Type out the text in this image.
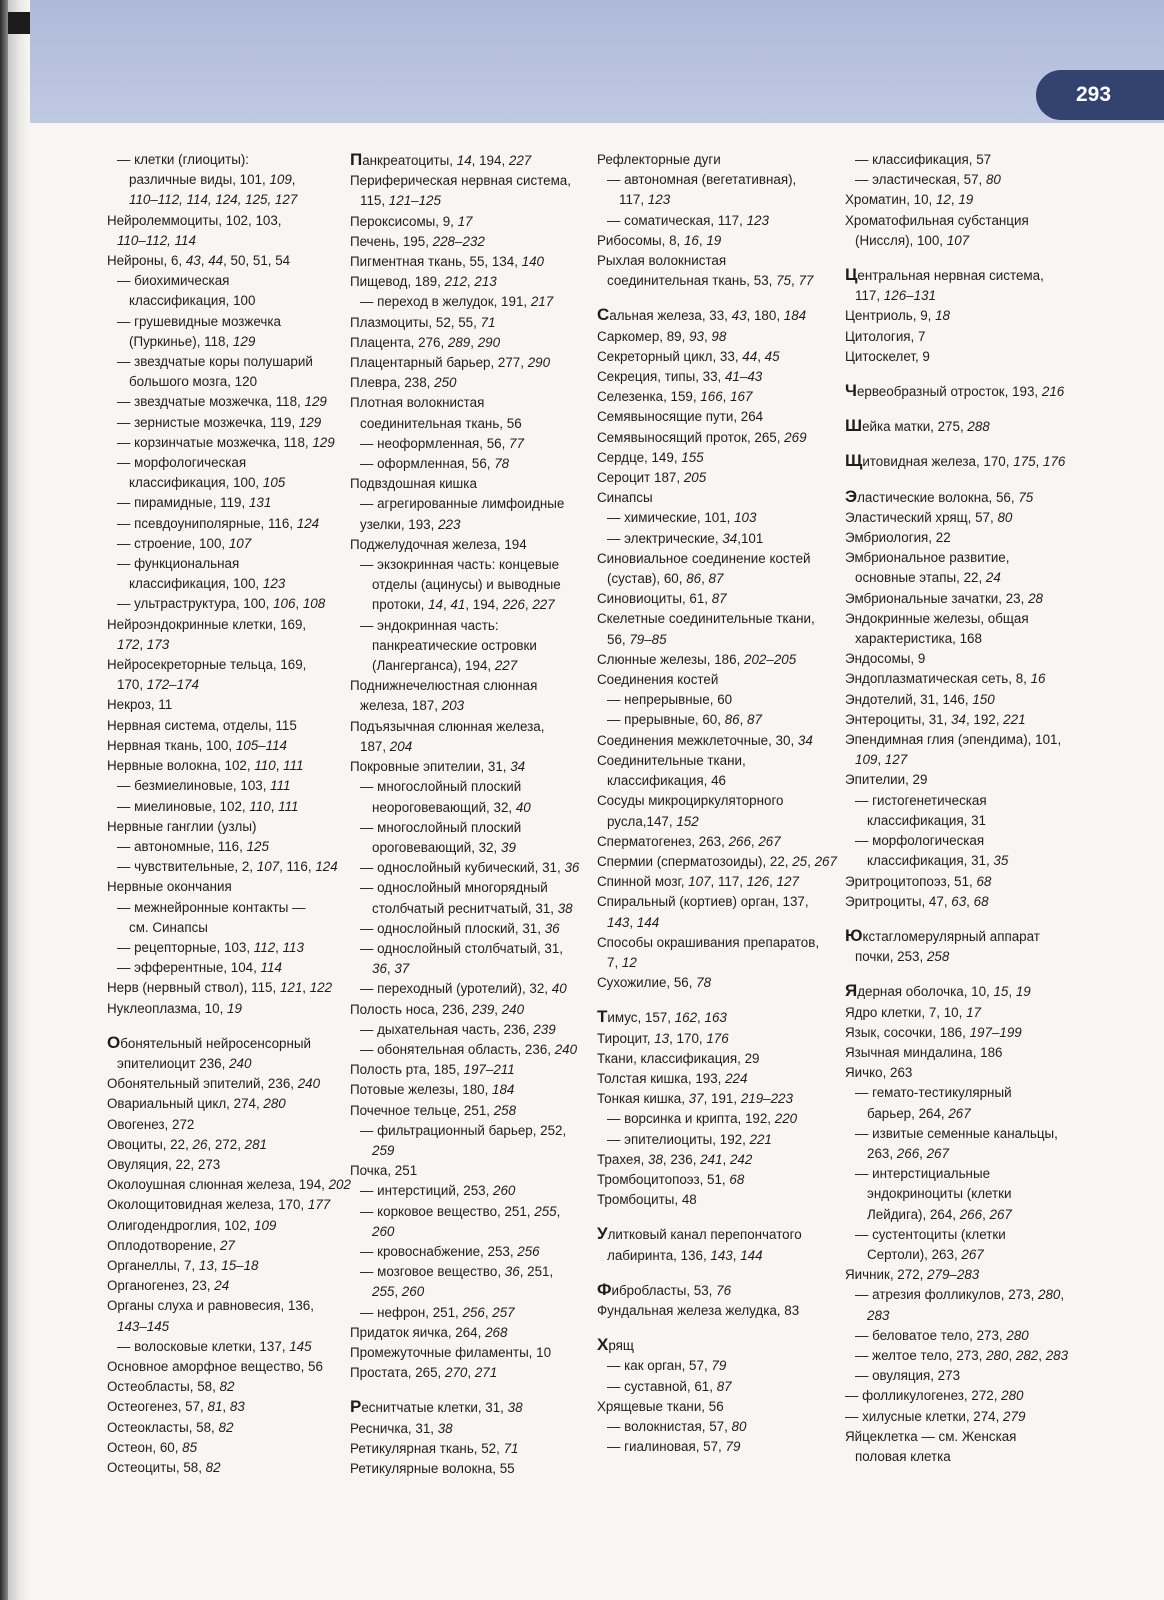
293
— клетки (глиоциты):
различные виды, 101, 109,
110–112, 114, 124, 125, 127
Нейролеммоциты, 102, 103,
110–112, 114
Нейроны, 6, 43, 44, 50, 51, 54
— биохимическая
классификация, 100
— грушевидные мозжечка
(Пуркинье), 118, 129
— звездчатые коры полушарий
большого мозга, 120
— звездчатые мозжечка, 118, 129
— зернистые мозжечка, 119, 129
— корзинчатые мозжечка, 118, 129
— морфологическая
классификация, 100, 105
— пирамидные, 119, 131
— псевдоуниполярные, 116, 124
— строение, 100, 107
— функциональная
классификация, 100, 123
— ультраструктура, 100, 106, 108
Нейроэндокринные клетки, 169,
172, 173
Нейросекреторные тельца, 169,
170, 172–174
Некроз, 11
Нервная система, отделы, 115
Нервная ткань, 100, 105–114
Нервные волокна, 102, 110, 111
— безмиелиновые, 103, 111
— миелиновые, 102, 110, 111
Нервные ганглии (узлы)
— автономные, 116, 125
— чувствительные, 2, 107, 116, 124
Нервные окончания
— межнейронные контакты —
см. Синапсы
— рецепторные, 103, 112, 113
— эфферентные, 104, 114
Нерв (нервный ствол), 115, 121, 122
Нуклеоплазма, 10, 19
Обонятельный нейросенсорный
эпителиоцит 236, 240
Обонятельный эпителий, 236, 240
Овариальный цикл, 274, 280
Овогенез, 272
Овоциты, 22, 26, 272, 281
Овуляция, 22, 273
Околоушная слюнная железа, 194, 202
Околощитовидная железа, 170, 177
Олигодендроглия, 102, 109
Оплодотворение, 27
Органеллы, 7, 13, 15–18
Органогенез, 23, 24
Органы слуха и равновесия, 136,
143–145
— волосковые клетки, 137, 145
Основное аморфное вещество, 56
Остеобласты, 58, 82
Остеогенез, 57, 81, 83
Остеокласты, 58, 82
Остеон, 60, 85
Остеоциты, 58, 82
Панкреатоциты, 14, 194, 227
Периферическая нервная система,
115, 121–125
Пероксисомы, 9, 17
Печень, 195, 228–232
Пигментная ткань, 55, 134, 140
Пищевод, 189, 212, 213
— переход в желудок, 191, 217
Плазмоциты, 52, 55, 71
Плацента, 276, 289, 290
Плацентарный барьер, 277, 290
Плевра, 238, 250
Плотная волокнистая
соединительная ткань, 56
— неоформленная, 56, 77
— оформленная, 56, 78
Подвздошная кишка
— агрегированные лимфоидные
узелки, 193, 223
Поджелудочная железа, 194
— экзокринная часть: концевые
отделы (ацинусы) и выводные
протоки, 14, 41, 194, 226, 227
— эндокринная часть:
панкреатические островки
(Лангерганса), 194, 227
Поднижнечелюстная слюнная
железа, 187, 203
Подъязычная слюнная железа,
187, 204
Покровные эпителии, 31, 34
— многослойный плоский
неороговевающий, 32, 40
— многослойный плоский
ороговевающий, 32, 39
— однослойный кубический, 31, 36
— однослойный многорядный
столбчатый реснитчатый, 31, 38
— однослойный плоский, 31, 36
— однослойный столбчатый, 31,
36, 37
— переходный (уротелий), 32, 40
Полость носа, 236, 239, 240
— дыхательная часть, 236, 239
— обонятельная область, 236, 240
Полость рта, 185, 197–211
Потовые железы, 180, 184
Почечное тельце, 251, 258
— фильтрационный барьер, 252,
259
Почка, 251
— интерстиций, 253, 260
— корковое вещество, 251, 255,
260
— кровоснабжение, 253, 256
— мозговое вещество, 36, 251,
255, 260
— нефрон, 251, 256, 257
Придаток яичка, 264, 268
Промежуточные филаменты, 10
Простата, 265, 270, 271
Реснитчатые клетки, 31, 38
Ресничка, 31, 38
Ретикулярная ткань, 52, 71
Ретикулярные волокна, 55
Рефлекторные дуги
— автономная (вегетативная),
117, 123
— соматическая, 117, 123
Рибосомы, 8, 16, 19
Рыхлая волокнистая
соединительная ткань, 53, 75, 77
Сальная железа, 33, 43, 180, 184
Саркомер, 89, 93, 98
Секреторный цикл, 33, 44, 45
Секреция, типы, 33, 41–43
Селезенка, 159, 166, 167
Семявыносящие пути, 264
Семявыносящий проток, 265, 269
Сердце, 149, 155
Сероцит 187, 205
Синапсы
— химические, 101, 103
— электрические, 34,101
Синовиальное соединение костей
(сустав), 60, 86, 87
Синовиоциты, 61, 87
Скелетные соединительные ткани,
56, 79–85
Слюнные железы, 186, 202–205
Соединения костей
— непрерывные, 60
— прерывные, 60, 86, 87
Соединения межклеточные, 30, 34
Соединительные ткани,
классификация, 46
Сосуды микроциркуляторного
русла,147, 152
Сперматогенез, 263, 266, 267
Спермии (сперматозоиды), 22, 25, 267
Спинной мозг, 107, 117, 126, 127
Спиральный (кортиев) орган, 137,
143, 144
Способы окрашивания препаратов,
7, 12
Сухожилие, 56, 78
Тимус, 157, 162, 163
Тироцит, 13, 170, 176
Ткани, классификация, 29
Толстая кишка, 193, 224
Тонкая кишка, 37, 191, 219–223
— ворсинка и крипта, 192, 220
— эпителиоциты, 192, 221
Трахея, 38, 236, 241, 242
Тромбоцитопоэз, 51, 68
Тромбоциты, 48
Улитковый канал перепончатого
лабиринта, 136, 143, 144
Фибробласты, 53, 76
Фундальная железа желудка, 83
Хрящ
— как орган, 57, 79
— суставной, 61, 87
Хрящевые ткани, 56
— волокнистая, 57, 80
— гиалиновая, 57, 79
— классификация, 57
— эластическая, 57, 80
Хроматин, 10, 12, 19
Хроматофильная субстанция
(Ниссля), 100, 107
Центральная нервная система,
117, 126–131
Центриоль, 9, 18
Цитология, 7
Цитоскелет, 9
Червеобразный отросток, 193, 216
Шейка матки, 275, 288
Щитовидная железа, 170, 175, 176
Эластические волокна, 56, 75
Эластический хрящ, 57, 80
Эмбриология, 22
Эмбриональное развитие,
основные этапы, 22, 24
Эмбриональные зачатки, 23, 28
Эндокринные железы, общая
характеристика, 168
Эндосомы, 9
Эндоплазматическая сеть, 8, 16
Эндотелий, 31, 146, 150
Энтероциты, 31, 34, 192, 221
Эпендимная глия (эпендима), 101,
109, 127
Эпителии, 29
— гистогенетическая
классификация, 31
— морфологическая
классификация, 31, 35
Эритроцитопоэз, 51, 68
Эритроциты, 47, 63, 68
Юкстагломерулярный аппарат
почки, 253, 258
Ядерная оболочка, 10, 15, 19
Ядро клетки, 7, 10, 17
Язык, сосочки, 186, 197–199
Язычная миндалина, 186
Яичко, 263
— гемато-тестикулярный
барьер, 264, 267
— извитые семенные канальцы,
263, 266, 267
— интерстициальные
эндокриноциты (клетки
Лейдига), 264, 266, 267
— сустентоциты (клетки
Сертоли), 263, 267
Яичник, 272, 279–283
— атрезия фолликулов, 273, 280,
283
— беловатое тело, 273, 280
— желтое тело, 273, 280, 282, 283
— овуляция, 273
— фолликулогенез, 272, 280
— хилусные клетки, 274, 279
Яйцеклетка — см. Женская
половая клетка
